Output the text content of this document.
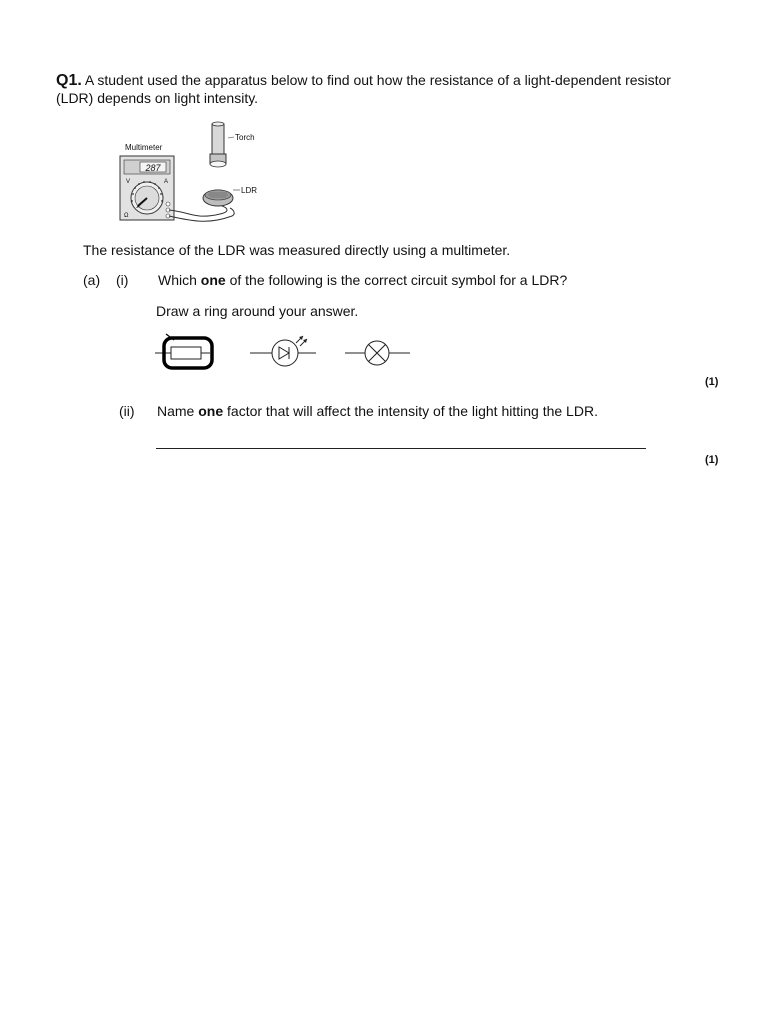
Q1. A student used the apparatus below to find out how the resistance of a light-dependent resistor
(LDR) depends on light intensity.
287
V	A
Ω
Multimeter
Torch
LDR
The resistance of the LDR was measured directly using a multimeter.
(a) (i) Which one of the following is the correct circuit symbol for a LDR?
Draw a ring around your answer.
(1)
(ii) Name one factor that will affect the intensity of the light hitting the LDR.
(1)
